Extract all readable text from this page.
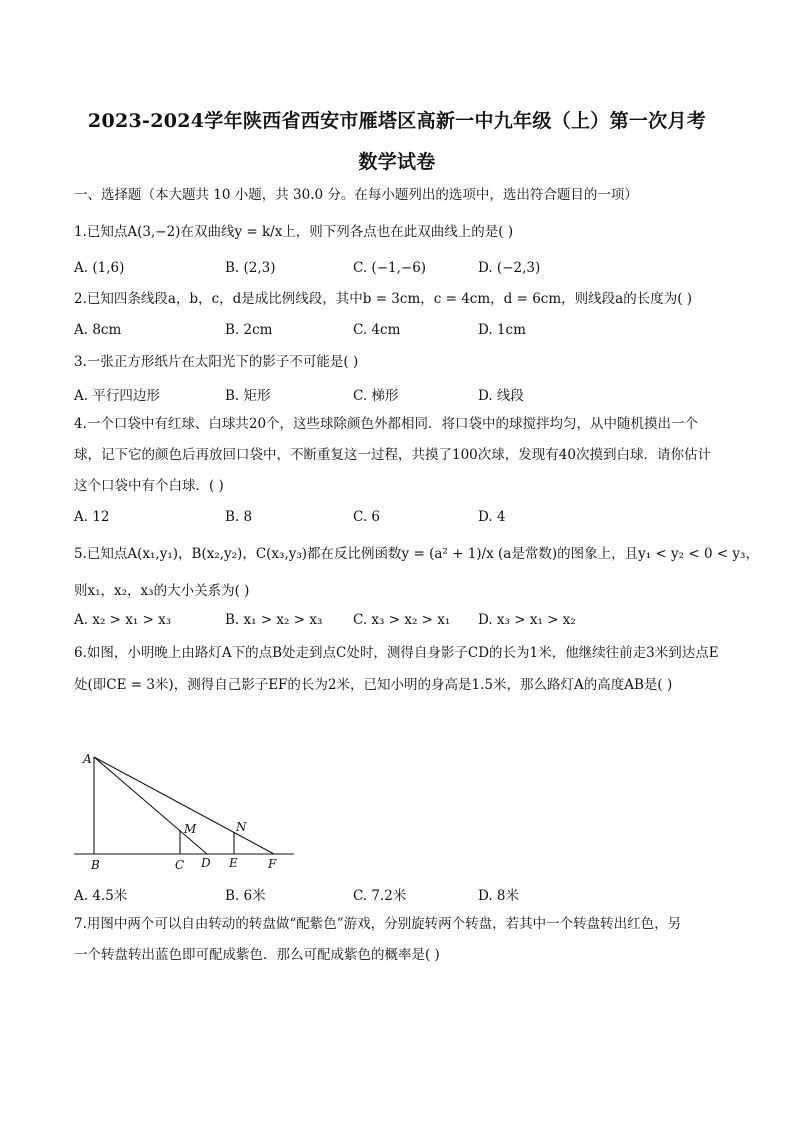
2023-2024学年陕西省西安市雁塔区高新一中九年级（上）第一次月考
数学试卷
一、选择题（本大题共 10 小题，共 30.0 分。在每小题列出的选项中，选出符合题目的一项）
1.已知点A(3,−2)在双曲线y = k/x上，则下列各点也在此双曲线上的是( )
A. (1,6)	B. (2,3)	C. (−1,−6)	D. (−2,3)
2.已知四条线段a，b，c，d是成比例线段，其中b = 3cm，c = 4cm，d = 6cm，则线段a的长度为( )
A. 8cm	B. 2cm	C. 4cm	D. 1cm
3.一张正方形纸片在太阳光下的影子不可能是( )
A. 平行四边形	B. 矩形	C. 梯形	D. 线段
4.一个口袋中有红球、白球共20个，这些球除颜色外都相同．将口袋中的球搅拌均匀，从中随机摸出一个
球，记下它的颜色后再放回口袋中，不断重复这一过程，共摸了100次球，发现有40次摸到白球．请你估计
这个口袋中有个白球．( )
A. 12	B. 8	C. 6	D. 4
5.已知点A(x₁,y₁)，B(x₂,y₂)，C(x₃,y₃)都在反比例函数y = (a² + 1)/x (a是常数)的图象上，且y₁ < y₂ < 0 < y₃，
则x₁，x₂，x₃的大小关系为( )
A. x₂ > x₁ > x₃	B. x₁ > x₂ > x₃ C. x₃ > x₂ > x₁ D. x₃ > x₁ > x₂
6.如图，小明晚上由路灯A下的点B处走到点C处时，测得自身影子CD的长为1米，他继续往前走3米到达点E
处(即CE = 3米)，测得自己影子EF的长为2米，已知小明的身高是1.5米，那么路灯A的高度AB是( )
A
B	C D E	F
M	N
A. 4.5米	B. 6米	C. 7.2米	D. 8米
7.用图中两个可以自由转动的转盘做“配紫色”游戏，分别旋转两个转盘，若其中一个转盘转出红色，另
一个转盘转出蓝色即可配成紫色．那么可配成紫色的概率是( )
